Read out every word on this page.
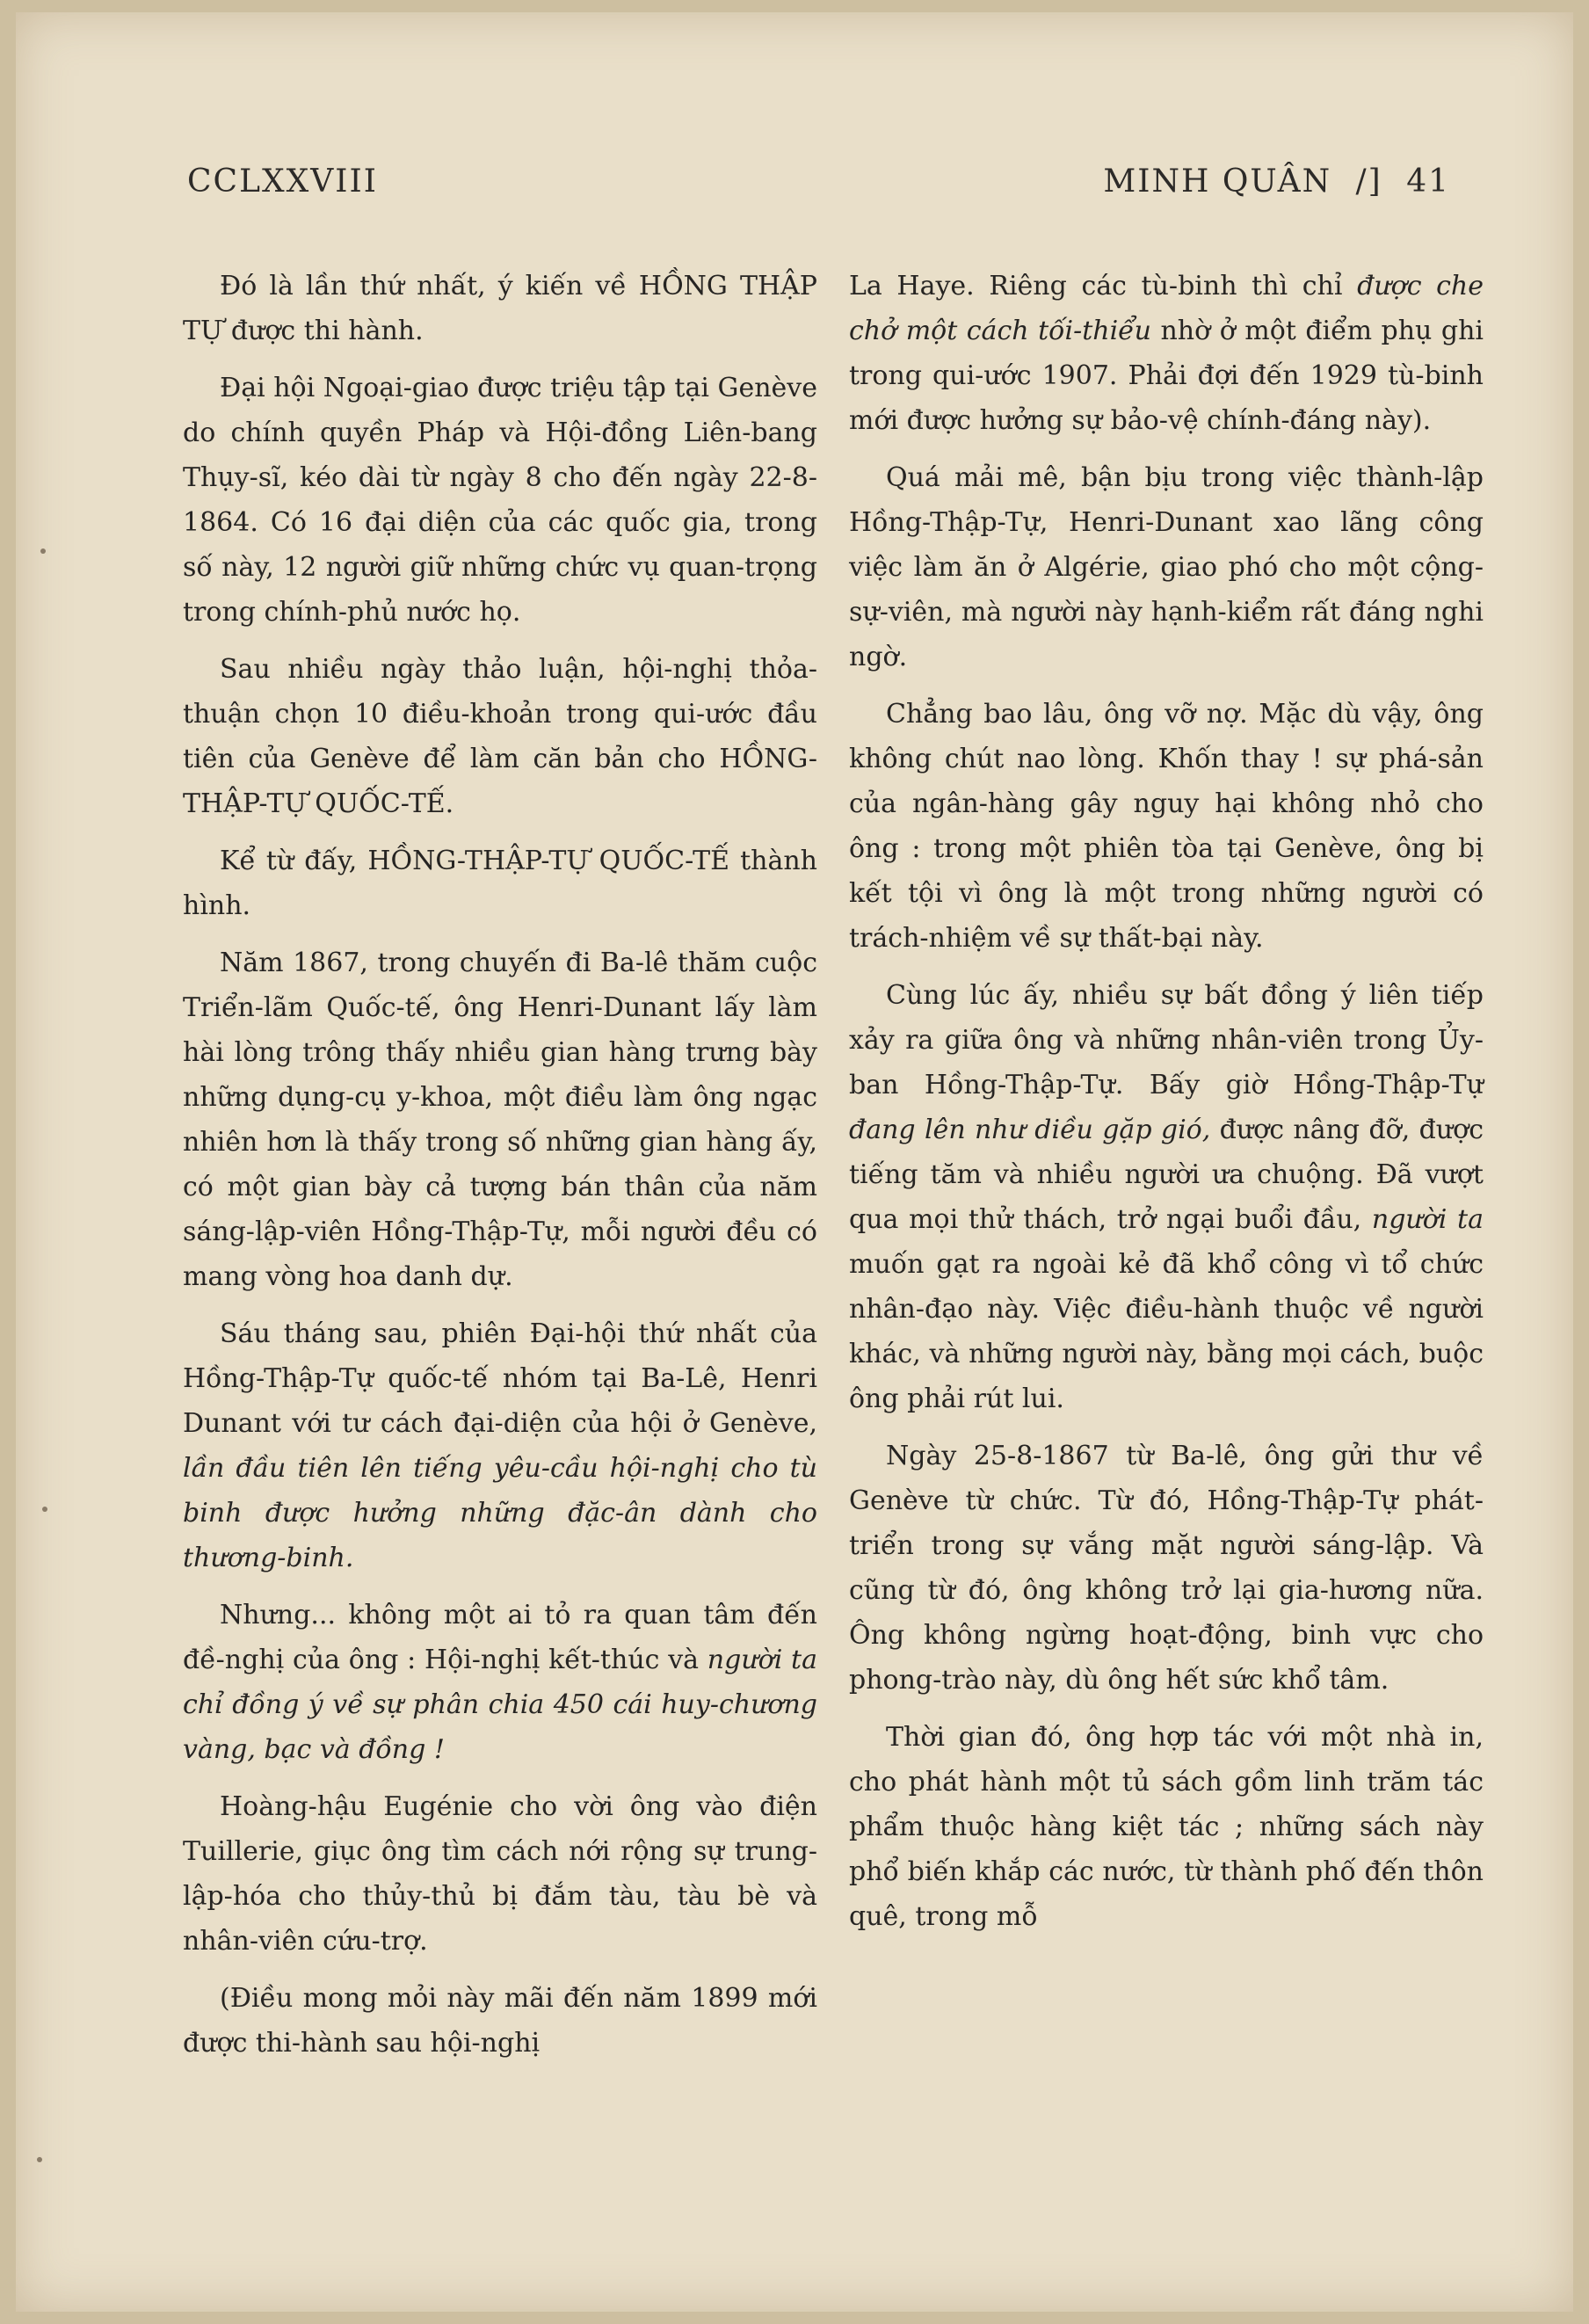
CCLXXVIII	MINH QUÂN /] 41

Đó là lần thứ nhất, ý kiến về HỒNG THẬP TỰ được thi hành.

Đại hội Ngoại-giao được triệu tập tại Genève do chính quyền Pháp và Hội-đồng Liên-bang Thụy-sĩ, kéo dài từ ngày 8 cho đến ngày 22-8-1864. Có 16 đại diện của các quốc gia, trong số này, 12 người giữ những chức vụ quan-trọng trong chính-phủ nước họ.

Sau nhiều ngày thảo luận, hội-nghị thỏa-thuận chọn 10 điều-khoản trong qui-ước đầu tiên của Genève để làm căn bản cho HỒNG-THẬP-TỰ QUỐC-TẾ.

Kể từ đấy, HỒNG-THẬP-TỰ QUỐC-TẾ thành hình.

Năm 1867, trong chuyến đi Ba-lê thăm cuộc Triển-lãm Quốc-tế, ông Henri-Dunant lấy làm hài lòng trông thấy nhiều gian hàng trưng bày những dụng-cụ y-khoa, một điều làm ông ngạc nhiên hơn là thấy trong số những gian hàng ấy, có một gian bày cả tượng bán thân của năm sáng-lập-viên Hồng-Thập-Tự, mỗi người đều có mang vòng hoa danh dự.

Sáu tháng sau, phiên Đại-hội thứ nhất của Hồng-Thập-Tự quốc-tế nhóm tại Ba-Lê, Henri Dunant với tư cách đại-diện của hội ở Genève, lần đầu tiên lên tiếng yêu-cầu hội-nghị cho tù binh được hưởng những đặc-ân dành cho thương-binh.

Nhưng... không một ai tỏ ra quan tâm đến đề-nghị của ông : Hội-nghị kết-thúc và người ta chỉ đồng ý về sự phân chia 450 cái huy-chương vàng, bạc và đồng !

Hoàng-hậu Eugénie cho vời ông vào điện Tuillerie, giục ông tìm cách nới rộng sự trung-lập-hóa cho thủy-thủ bị đắm tàu, tàu bè và nhân-viên cứu-trợ.

(Điều mong mỏi này mãi đến năm 1899 mới được thi-hành sau hội-nghị

La Haye. Riêng các tù-binh thì chỉ được che chở một cách tối-thiểu nhờ ở một điểm phụ ghi trong qui-ước 1907. Phải đợi đến 1929 tù-binh mới được hưởng sự bảo-vệ chính-đáng này).

Quá mải mê, bận bịu trong việc thành-lập Hồng-Thập-Tự, Henri-Dunant xao lãng công việc làm ăn ở Algérie, giao phó cho một cộng-sự-viên, mà người này hạnh-kiểm rất đáng nghi ngờ.

Chẳng bao lâu, ông vỡ nợ. Mặc dù vậy, ông không chút nao lòng. Khốn thay ! sự phá-sản của ngân-hàng gây nguy hại không nhỏ cho ông : trong một phiên tòa tại Genève, ông bị kết tội vì ông là một trong những người có trách-nhiệm về sự thất-bại này.

Cùng lúc ấy, nhiều sự bất đồng ý liên tiếp xảy ra giữa ông và những nhân-viên trong Ủy-ban Hồng-Thập-Tự. Bấy giờ Hồng-Thập-Tự đang lên như diều gặp gió, được nâng đỡ, được tiếng tăm và nhiều người ưa chuộng. Đã vượt qua mọi thử thách, trở ngại buổi đầu, người ta muốn gạt ra ngoài kẻ đã khổ công vì tổ chức nhân-đạo này. Việc điều-hành thuộc về người khác, và những người này, bằng mọi cách, buộc ông phải rút lui.

Ngày 25-8-1867 từ Ba-lê, ông gửi thư về Genève từ chức. Từ đó, Hồng-Thập-Tự phát-triển trong sự vắng mặt người sáng-lập. Và cũng từ đó, ông không trở lại gia-hương nữa. Ông không ngừng hoạt-động, binh vực cho phong-trào này, dù ông hết sức khổ tâm.

Thời gian đó, ông hợp tác với một nhà in, cho phát hành một tủ sách gồm linh trăm tác phẩm thuộc hàng kiệt tác ; những sách này phổ biến khắp các nước, từ thành phố đến thôn quê, trong mỗ
